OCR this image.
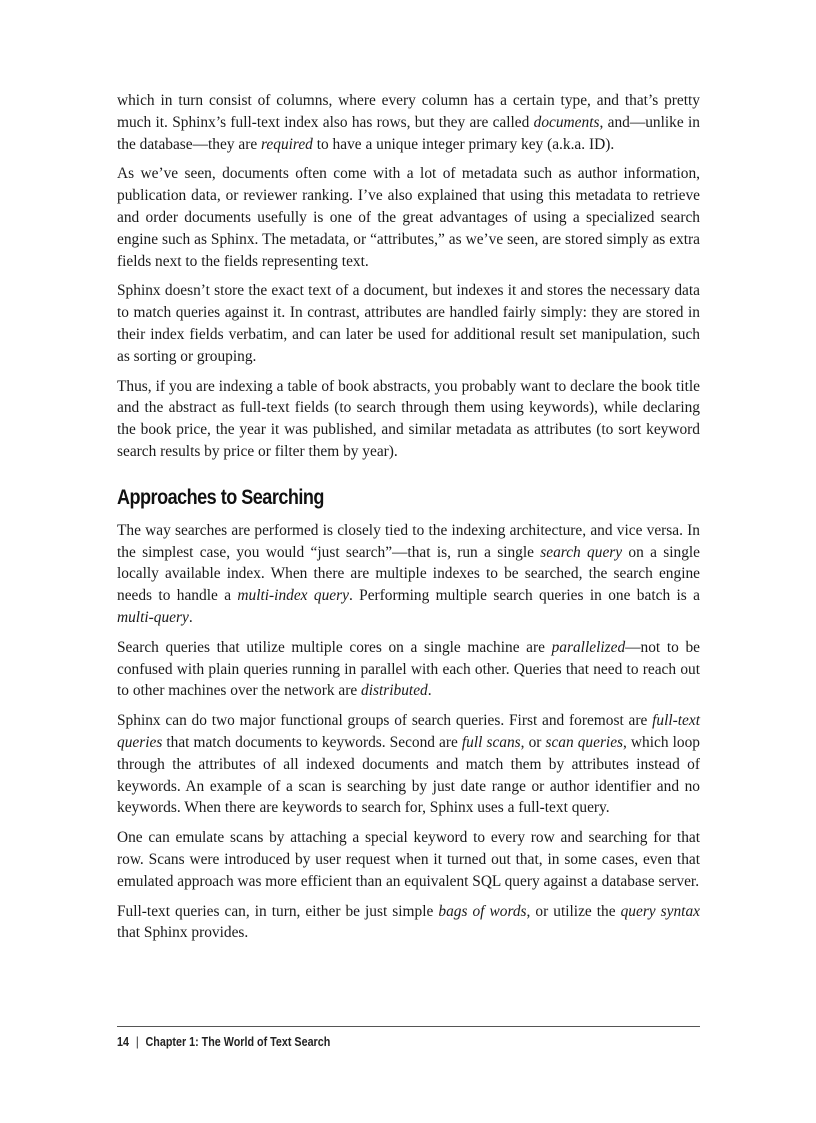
which in turn consist of columns, where every column has a certain type, and that’s pretty much it. Sphinx’s full-text index also has rows, but they are called documents, and—unlike in the database—they are required to have a unique integer primary key (a.k.a. ID).

As we’ve seen, documents often come with a lot of metadata such as author information, publication data, or reviewer ranking. I’ve also explained that using this metadata to retrieve and order documents usefully is one of the great advantages of using a specialized search engine such as Sphinx. The metadata, or “attributes,” as we’ve seen, are stored simply as extra fields next to the fields representing text.

Sphinx doesn’t store the exact text of a document, but indexes it and stores the necessary data to match queries against it. In contrast, attributes are handled fairly simply: they are stored in their index fields verbatim, and can later be used for additional result set manipulation, such as sorting or grouping.

Thus, if you are indexing a table of book abstracts, you probably want to declare the book title and the abstract as full-text fields (to search through them using keywords), while declaring the book price, the year it was published, and similar metadata as attributes (to sort keyword search results by price or filter them by year).

Approaches to Searching

The way searches are performed is closely tied to the indexing architecture, and vice versa. In the simplest case, you would “just search”—that is, run a single search query on a single locally available index. When there are multiple indexes to be searched, the search engine needs to handle a multi-index query. Performing multiple search queries in one batch is a multi-query.

Search queries that utilize multiple cores on a single machine are parallelized—not to be confused with plain queries running in parallel with each other. Queries that need to reach out to other machines over the network are distributed.

Sphinx can do two major functional groups of search queries. First and foremost are full-text queries that match documents to keywords. Second are full scans, or scan queries, which loop through the attributes of all indexed documents and match them by attributes instead of keywords. An example of a scan is searching by just date range or author identifier and no keywords. When there are keywords to search for, Sphinx uses a full-text query.

One can emulate scans by attaching a special keyword to every row and searching for that row. Scans were introduced by user request when it turned out that, in some cases, even that emulated approach was more efficient than an equivalent SQL query against a database server.

Full-text queries can, in turn, either be just simple bags of words, or utilize the query syntax that Sphinx provides.

14 | Chapter 1: The World of Text Search
